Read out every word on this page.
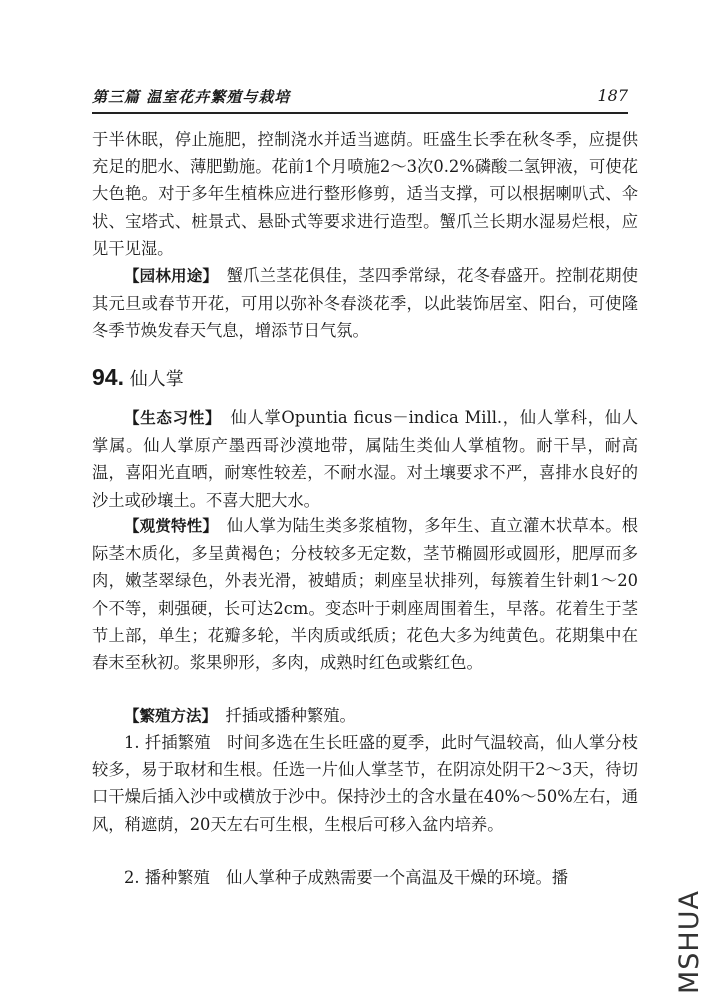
第三篇 温室花卉繁殖与栽培	187

于半休眠，停止施肥，控制浇水并适当遮荫。旺盛生长季在秋冬季，应提供充足的肥水、薄肥勤施。花前1个月喷施2～3次0.2%磷酸二氢钾液，可使花大色艳。对于多年生植株应进行整形修剪，适当支撑，可以根据喇叭式、伞状、宝塔式、桩景式、悬卧式等要求进行造型。蟹爪兰长期水湿易烂根，应见干见湿。

【园林用途】　蟹爪兰茎花俱佳，茎四季常绿，花冬春盛开。控制花期使其元旦或春节开花，可用以弥补冬春淡花季，以此装饰居室、阳台，可使隆冬季节焕发春天气息，增添节日气氛。

94. 仙人掌

【生态习性】　仙人掌Opuntia ficus－indica Mill.，仙人掌科，仙人掌属。仙人掌原产墨西哥沙漠地带，属陆生类仙人掌植物。耐干旱，耐高温，喜阳光直晒，耐寒性较差，不耐水湿。对土壤要求不严，喜排水良好的沙土或砂壤土。不喜大肥大水。

【观赏特性】　仙人掌为陆生类多浆植物，多年生、直立灌木状草本。根际茎木质化，多呈黄褐色；分枝较多无定数，茎节椭圆形或圆形，肥厚而多肉，嫩茎翠绿色，外表光滑，被蜡质；刺座呈状排列，每簇着生针刺1～20个不等，刺强硬，长可达2cm。变态叶于刺座周围着生，早落。花着生于茎节上部，单生；花瓣多轮，半肉质或纸质；花色大多为纯黄色。花期集中在春末至秋初。浆果卵形，多肉，成熟时红色或紫红色。

【繁殖方法】　扦插或播种繁殖。

1. 扦插繁殖　时间多选在生长旺盛的夏季，此时气温较高，仙人掌分枝较多，易于取材和生根。任选一片仙人掌茎节，在阴凉处阴干2～3天，待切口干燥后插入沙中或横放于沙中。保持沙土的含水量在40%～50%左右，通风，稍遮荫，20天左右可生根，生根后可移入盆内培养。

2. 播种繁殖　仙人掌种子成熟需要一个高温及干燥的环境。播

MSHUA
